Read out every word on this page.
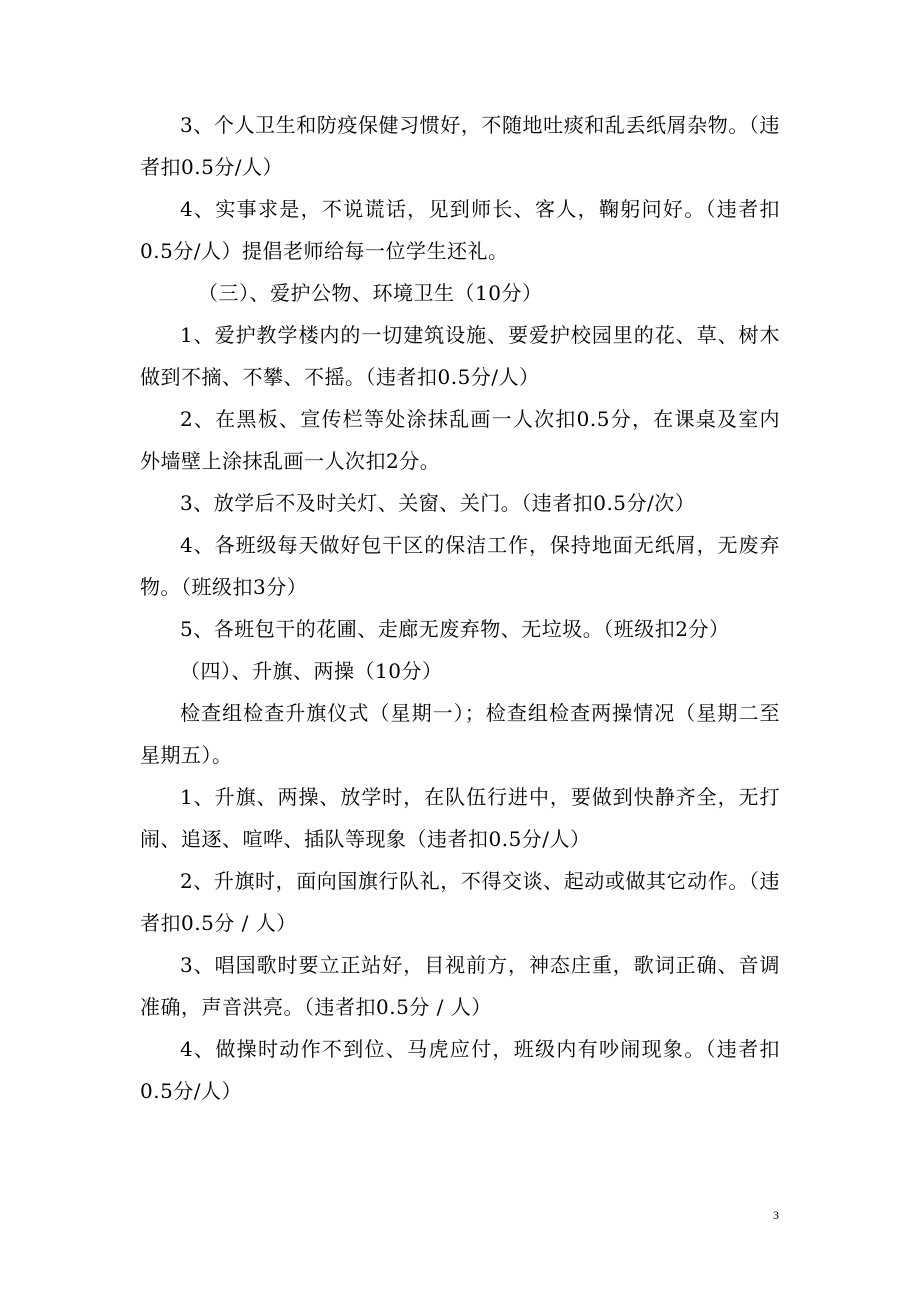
3、个人卫生和防疫保健习惯好，不随地吐痰和乱丢纸屑杂物。（违者扣0.5分/人）

4、实事求是，不说谎话，见到师长、客人，鞠躬问好。（违者扣0.5分/人）提倡老师给每一位学生还礼。

（三）、爱护公物、环境卫生（10分）

1、爱护教学楼内的一切建筑设施、要爱护校园里的花、草、树木做到不摘、不攀、不摇。（违者扣0.5分/人）

2、在黑板、宣传栏等处涂抹乱画一人次扣0.5分，在课桌及室内外墙壁上涂抹乱画一人次扣2分。

3、放学后不及时关灯、关窗、关门。（违者扣0.5分/次）

4、各班级每天做好包干区的保洁工作，保持地面无纸屑，无废弃物。（班级扣3分）

5、各班包干的花圃、走廊无废弃物、无垃圾。（班级扣2分）

（四）、升旗、两操（10分）

检查组检查升旗仪式（星期一）；检查组检查两操情况（星期二至星期五）。

1、升旗、两操、放学时，在队伍行进中，要做到快静齐全，无打闹、追逐、喧哗、插队等现象（违者扣0.5分/人）

2、升旗时，面向国旗行队礼，不得交谈、起动或做其它动作。（违者扣0.5分 / 人）

3、唱国歌时要立正站好，目视前方，神态庄重，歌词正确、音调准确，声音洪亮。（违者扣0.5分 / 人）

4、做操时动作不到位、马虎应付，班级内有吵闹现象。（违者扣0.5分/人）

3
